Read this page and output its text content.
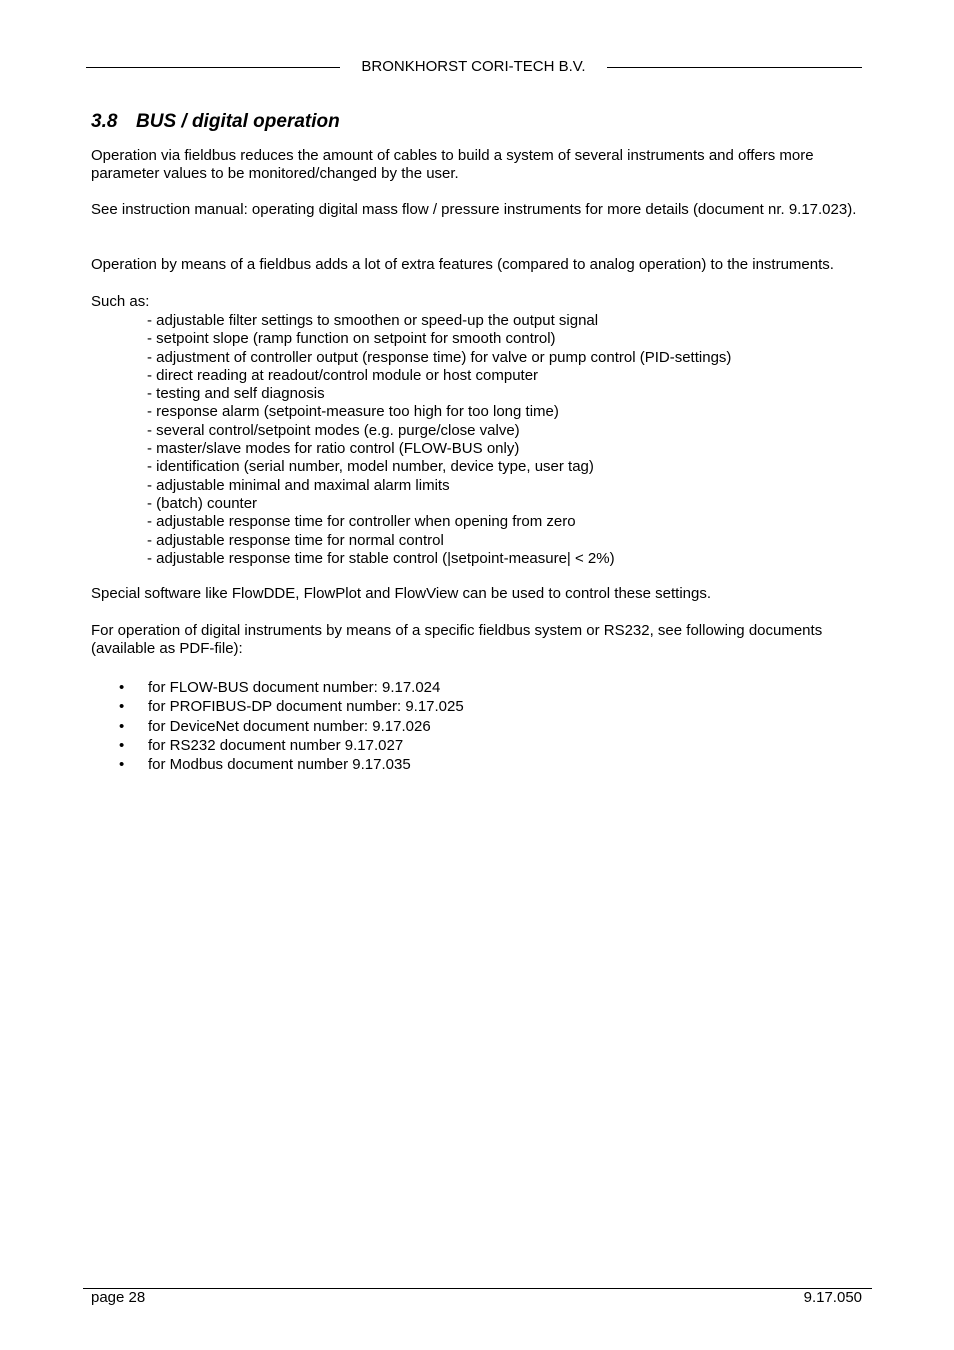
BRONKHORST CORI-TECH B.V.
3.8 BUS / digital operation

Operation via fieldbus reduces the amount of cables to build a system of several instruments and offers more parameter values to be monitored/changed by the user.

See instruction manual: operating digital mass flow / pressure instruments for more details (document nr. 9.17.023).

Operation by means of a fieldbus adds a lot of extra features (compared to analog operation) to the instruments.

Such as:

- adjustable filter settings to smoothen or speed-up the output signal
- setpoint slope (ramp function on setpoint for smooth control)
- adjustment of controller output (response time) for valve or pump control (PID-settings)
- direct reading at readout/control module or host computer
- testing and self diagnosis
- response alarm (setpoint-measure too high for too long time)
- several control/setpoint modes (e.g. purge/close valve)
- master/slave modes for ratio control (FLOW-BUS only)
- identification (serial number, model number, device type, user tag)
- adjustable minimal and maximal alarm limits
- (batch) counter
- adjustable response time for controller when opening from zero
- adjustable response time for normal control
- adjustable response time for stable control (|setpoint-measure| < 2%)

Special software like FlowDDE, FlowPlot and FlowView can be used to control these settings.

For operation of digital instruments by means of a specific fieldbus system or RS232, see following documents (available as PDF-file):

• for FLOW-BUS document number: 9.17.024
• for PROFIBUS-DP document number: 9.17.025
• for DeviceNet document number: 9.17.026
• for RS232 document number 9.17.027
• for Modbus document number 9.17.035
page 28	9.17.050
